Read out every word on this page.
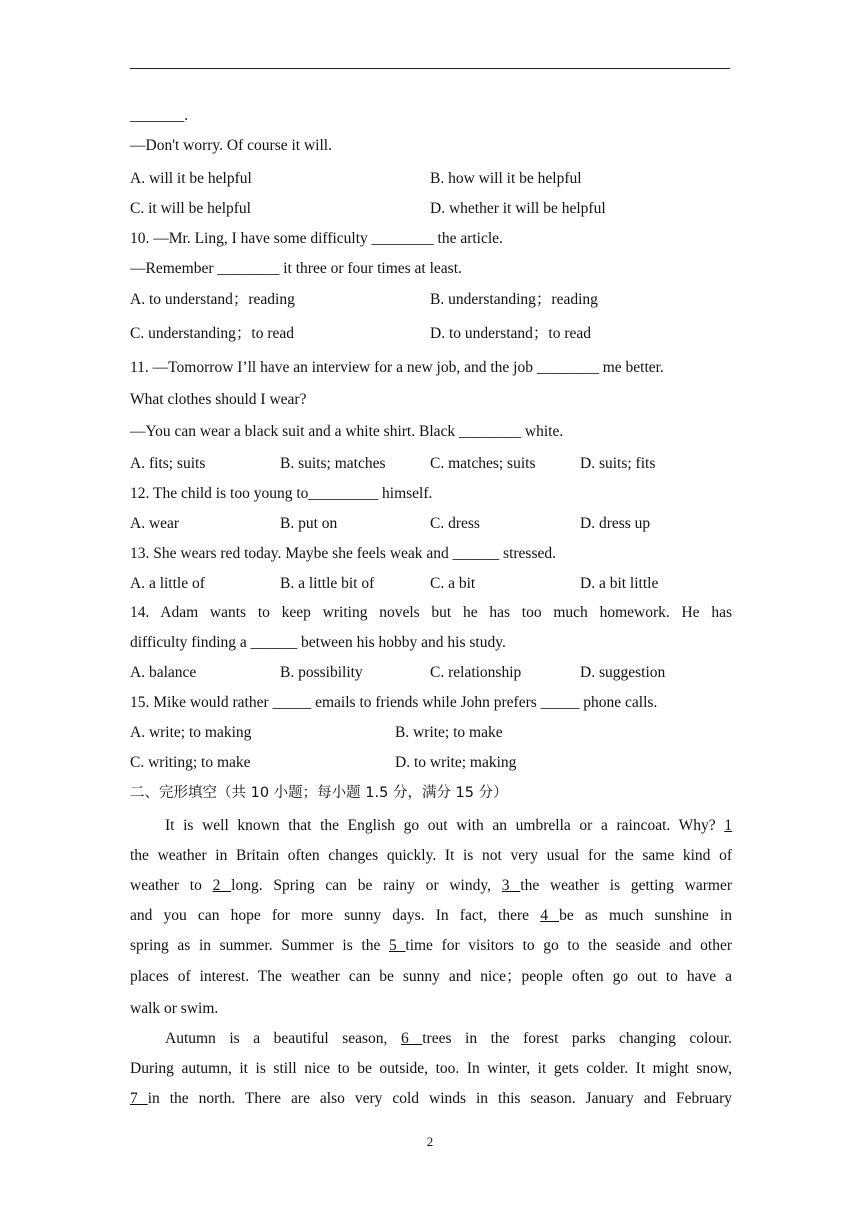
_______.
—Don't worry. Of course it will.
A. will it be helpful	B. how will it be helpful
C. it will be helpful	D. whether it will be helpful
10. —Mr. Ling, I have some difficulty ________ the article.
—Remember ________ it three or four times at least.
A. to understand；reading	B. understanding；reading
C. understanding；to read	D. to understand；to read
11. —Tomorrow I’ll have an interview for a new job, and the job ________ me better.
What clothes should I wear?
—You can wear a black suit and a white shirt. Black ________ white.
A. fits; suits	B. suits; matches	C. matches; suits	D. suits; fits
12. The child is too young to_________ himself.
A. wear	B. put on	C. dress	D. dress up
13. She wears red today. Maybe she feels weak and ______ stressed.
A. a little of	B. a little bit of	C. a bit	D. a bit little
14. Adam wants to keep writing novels but he has too much homework. He has
difficulty finding a ______ between his hobby and his study.
A. balance	B. possibility	C. relationship	D. suggestion
15. Mike would rather _____ emails to friends while John prefers _____ phone calls.
A. write; to making	B. write; to make
C. writing; to make	D. to write; making
二、完形填空（共 10 小题；每小题 1.5 分，满分 15 分）
It is well known that the English go out with an umbrella or a raincoat. Why? 1
the weather in Britain often changes quickly. It is not very usual for the same kind of
weather to 2 long. Spring can be rainy or windy, 3 the weather is getting warmer
and you can hope for more sunny days. In fact, there 4 be as much sunshine in
spring as in summer. Summer is the 5 time for visitors to go to the seaside and other
places of interest. The weather can be sunny and nice；people often go out to have a
walk or swim.
Autumn is a beautiful season, 6 trees in the forest parks changing colour.
During autumn, it is still nice to be outside, too. In winter, it gets colder. It might snow,
7 in the north. There are also very cold winds in this season. January and February
2
